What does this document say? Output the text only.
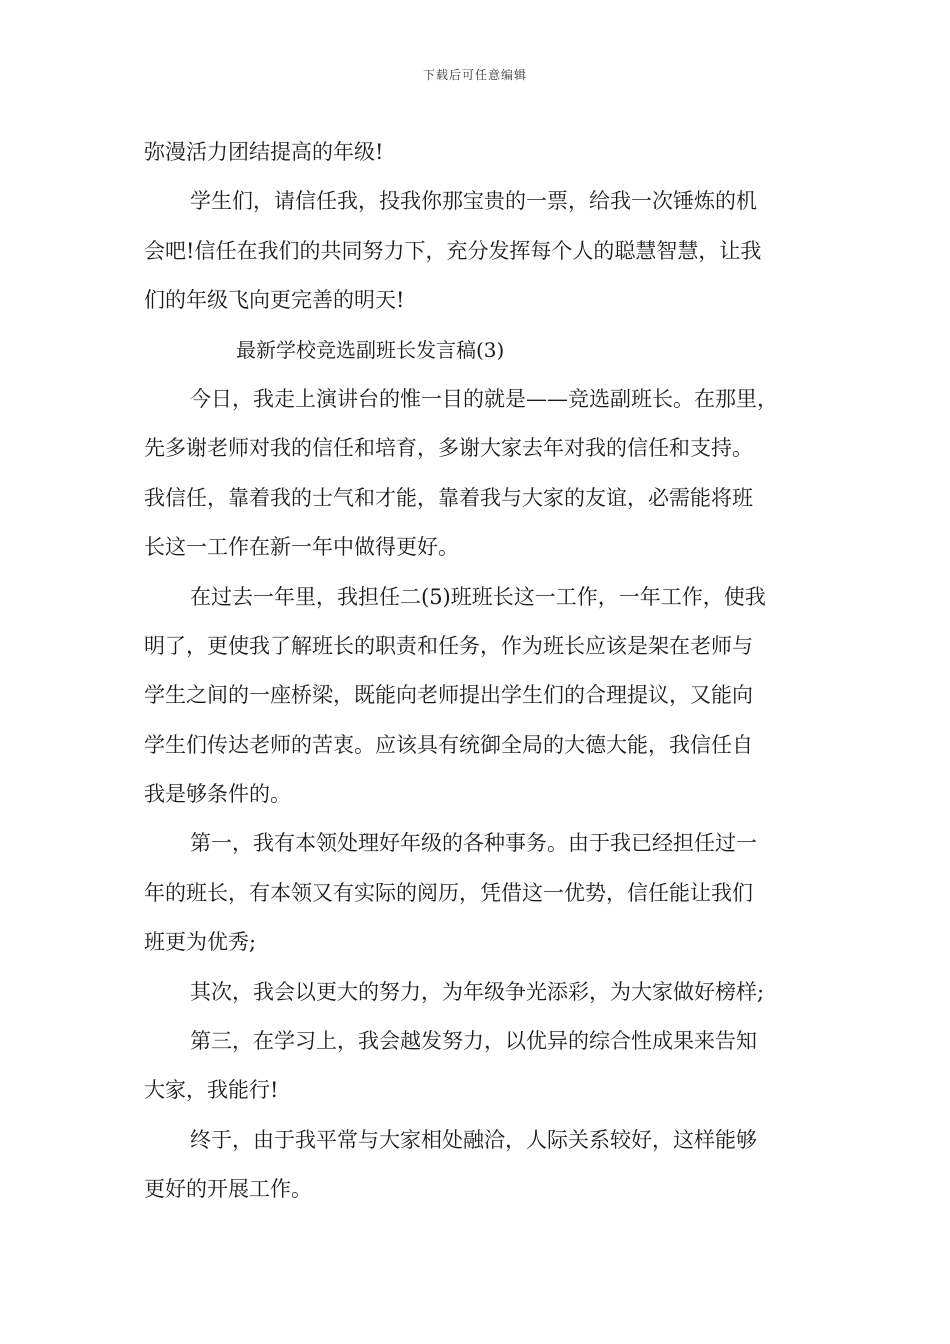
下载后可任意编辑
弥漫活力团结提高的年级!
学生们，请信任我，投我你那宝贵的一票，给我一次锤炼的机
会吧!信任在我们的共同努力下，充分发挥每个人的聪慧智慧，让我
们的年级飞向更完善的明天!
最新学校竞选副班长发言稿(3)
今日，我走上演讲台的惟一目的就是——竞选副班长。在那里，
先多谢老师对我的信任和培育，多谢大家去年对我的信任和支持。
我信任，靠着我的士气和才能，靠着我与大家的友谊，必需能将班
长这一工作在新一年中做得更好。
在过去一年里，我担任二(5)班班长这一工作，一年工作，使我
明了，更使我了解班长的职责和任务，作为班长应该是架在老师与
学生之间的一座桥梁，既能向老师提出学生们的合理提议，又能向
学生们传达老师的苦衷。应该具有统御全局的大德大能，我信任自
我是够条件的。
第一，我有本领处理好年级的各种事务。由于我已经担任过一
年的班长，有本领又有实际的阅历，凭借这一优势，信任能让我们
班更为优秀;
其次，我会以更大的努力，为年级争光添彩，为大家做好榜样;
第三，在学习上，我会越发努力，以优异的综合性成果来告知
大家，我能行!
终于，由于我平常与大家相处融洽，人际关系较好，这样能够
更好的开展工作。
